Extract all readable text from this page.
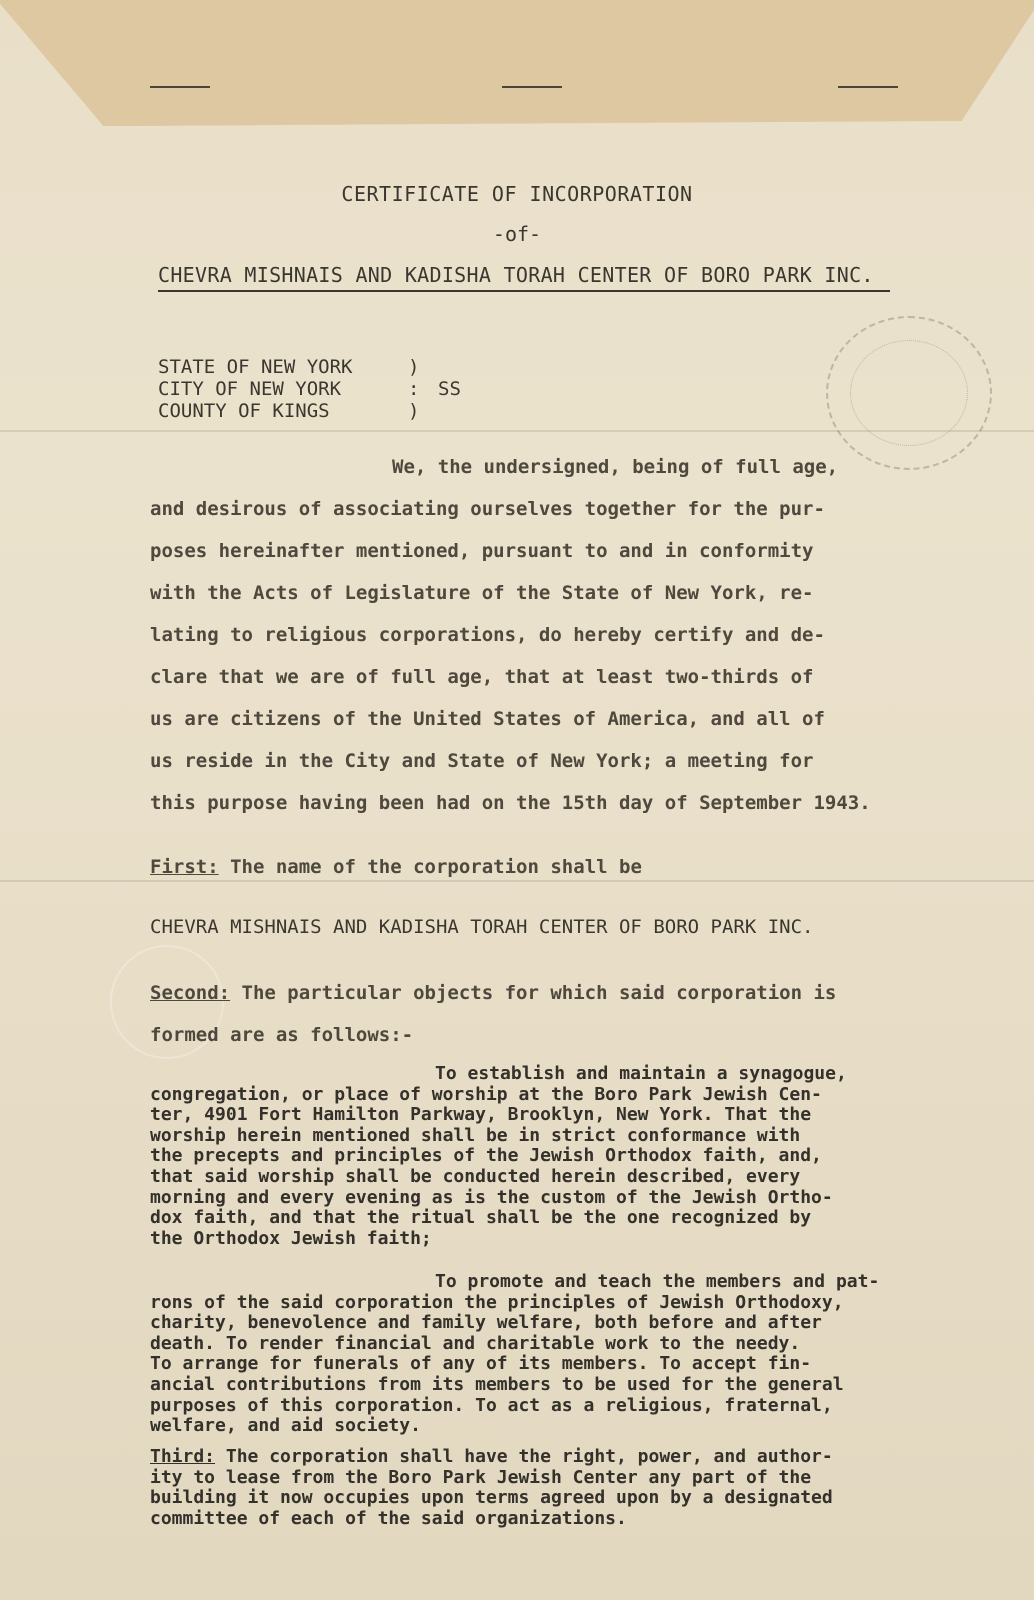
CERTIFICATE OF INCORPORATION
-of-
CHEVRA MISHNAIS AND KADISHA TORAH CENTER OF BORO PARK INC.
STATE OF NEW YORK	)
CITY OF NEW YORK	: SS
COUNTY OF KINGS	)
We, the undersigned, being of full age,
and desirous of associating ourselves together for the pur-
poses hereinafter mentioned, pursuant to and in conformity
with the Acts of Legislature of the State of New York, re-
lating to religious corporations, do hereby certify and de-
clare that we are of full age, that at least two-thirds of
us are citizens of the United States of America, and all of
us reside in the City and State of New York; a meeting for
this purpose having been had on the 15th day of September 1943.
First: The name of the corporation shall be
CHEVRA MISHNAIS AND KADISHA TORAH CENTER OF BORO PARK INC.
Second: The particular objects for which said corporation is
formed are as follows:-
To establish and maintain a synagogue,
congregation, or place of worship at the Boro Park Jewish Cen-
ter, 4901 Fort Hamilton Parkway, Brooklyn, New York. That the
worship herein mentioned shall be in strict conformance with
the precepts and principles of the Jewish Orthodox faith, and,
that said worship shall be conducted herein described, every
morning and every evening as is the custom of the Jewish Ortho-
dox faith, and that the ritual shall be the one recognized by
the Orthodox Jewish faith;
To promote and teach the members and pat-
rons of the said corporation the principles of Jewish Orthodoxy,
charity, benevolence and family welfare, both before and after
death. To render financial and charitable work to the needy.
To arrange for funerals of any of its members. To accept fin-
ancial contributions from its members to be used for the general
purposes of this corporation. To act as a religious, fraternal,
welfare, and aid society.
Third: The corporation shall have the right, power, and author-
ity to lease from the Boro Park Jewish Center any part of the
building it now occupies upon terms agreed upon by a designated
committee of each of the said organizations.
